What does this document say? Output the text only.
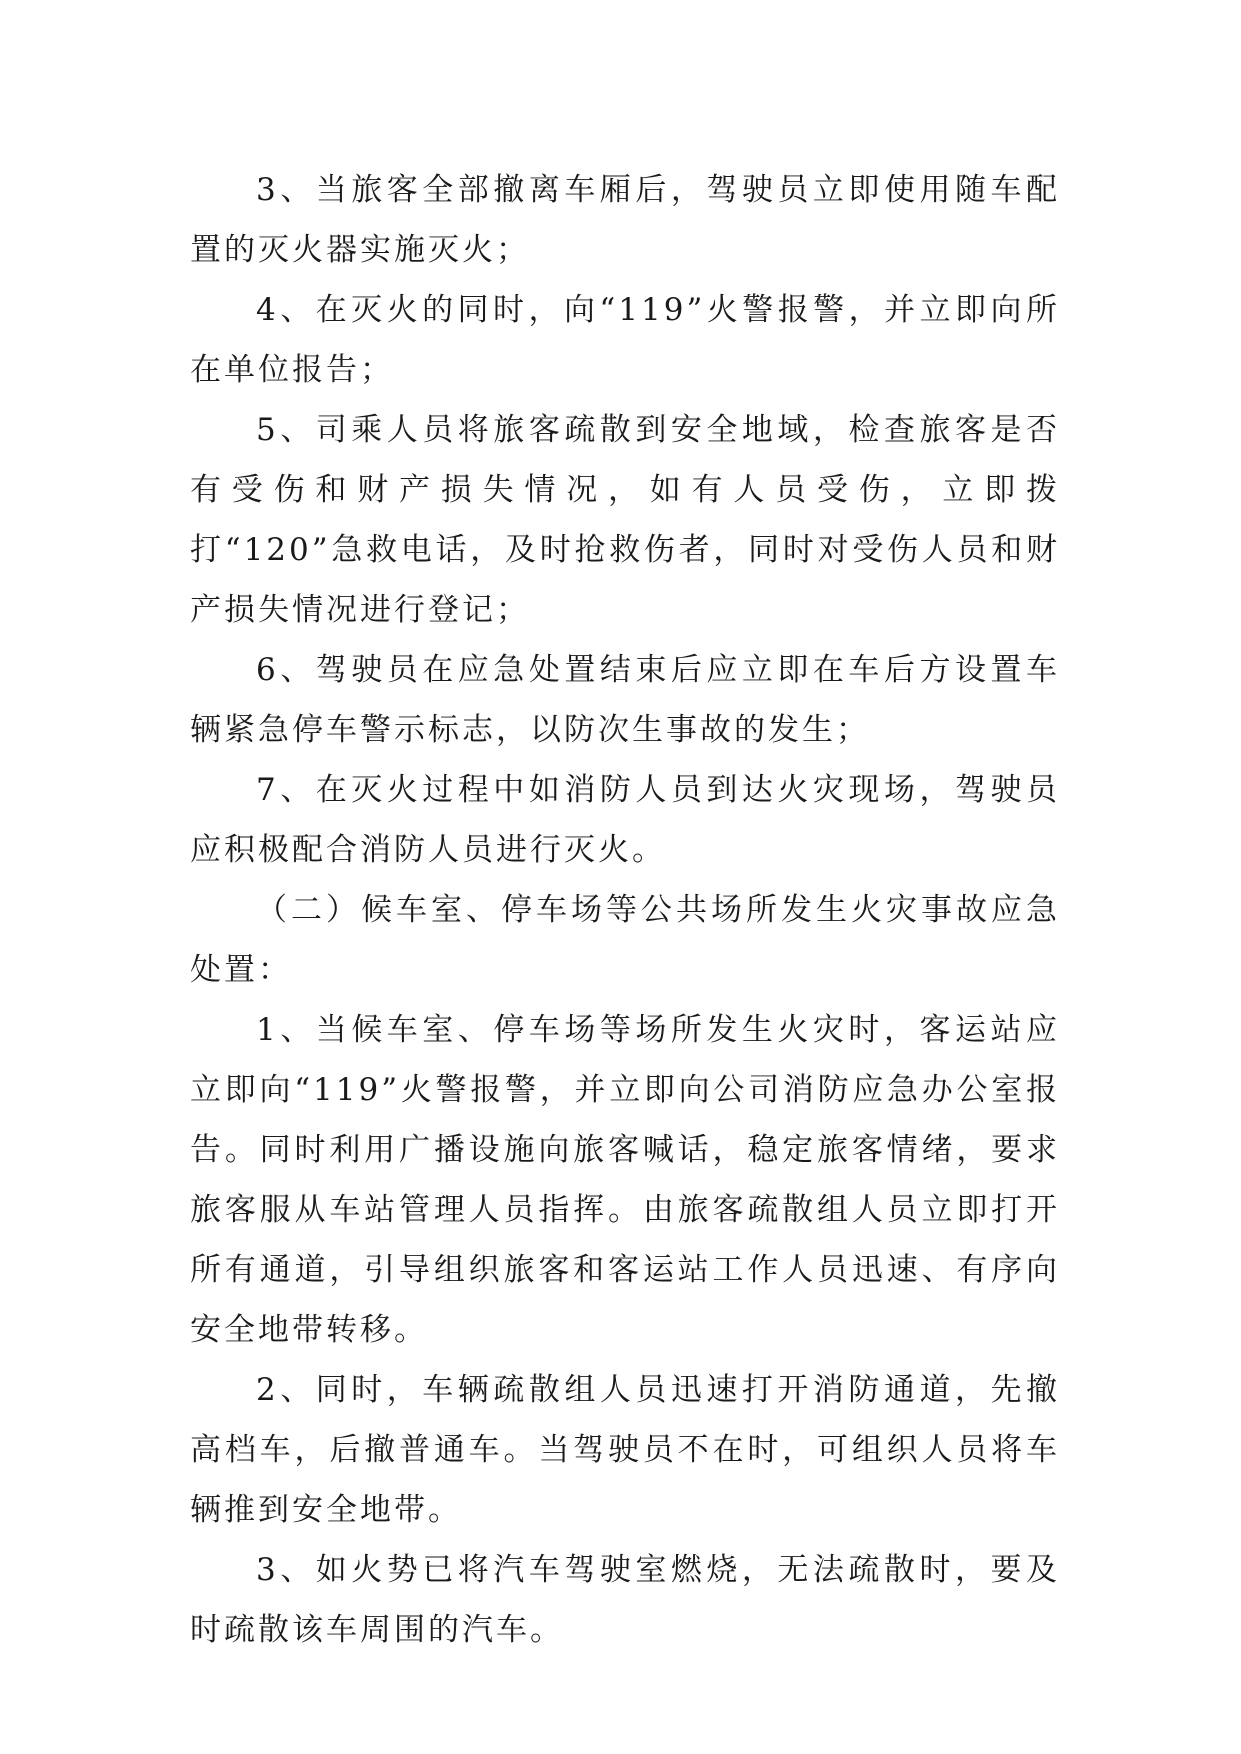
3、当旅客全部撤离车厢后，驾驶员立即使用随车配置的灭火器实施灭火；

4、在灭火的同时，向“119”火警报警，并立即向所在单位报告；

5、司乘人员将旅客疏散到安全地域，检查旅客是否有受伤和财产损失情况，如有人员受伤，立即拨打“120”急救电话，及时抢救伤者，同时对受伤人员和财产损失情况进行登记；

6、驾驶员在应急处置结束后应立即在车后方设置车辆紧急停车警示标志，以防次生事故的发生；

7、在灭火过程中如消防人员到达火灾现场，驾驶员应积极配合消防人员进行灭火。

（二）候车室、停车场等公共场所发生火灾事故应急处置：

1、当候车室、停车场等场所发生火灾时，客运站应立即向“119”火警报警，并立即向公司消防应急办公室报告。同时利用广播设施向旅客喊话，稳定旅客情绪，要求旅客服从车站管理人员指挥。由旅客疏散组人员立即打开所有通道，引导组织旅客和客运站工作人员迅速、有序向安全地带转移。

2、同时，车辆疏散组人员迅速打开消防通道，先撤高档车，后撤普通车。当驾驶员不在时，可组织人员将车辆推到安全地带。

3、如火势已将汽车驾驶室燃烧，无法疏散时，要及时疏散该车周围的汽车。
